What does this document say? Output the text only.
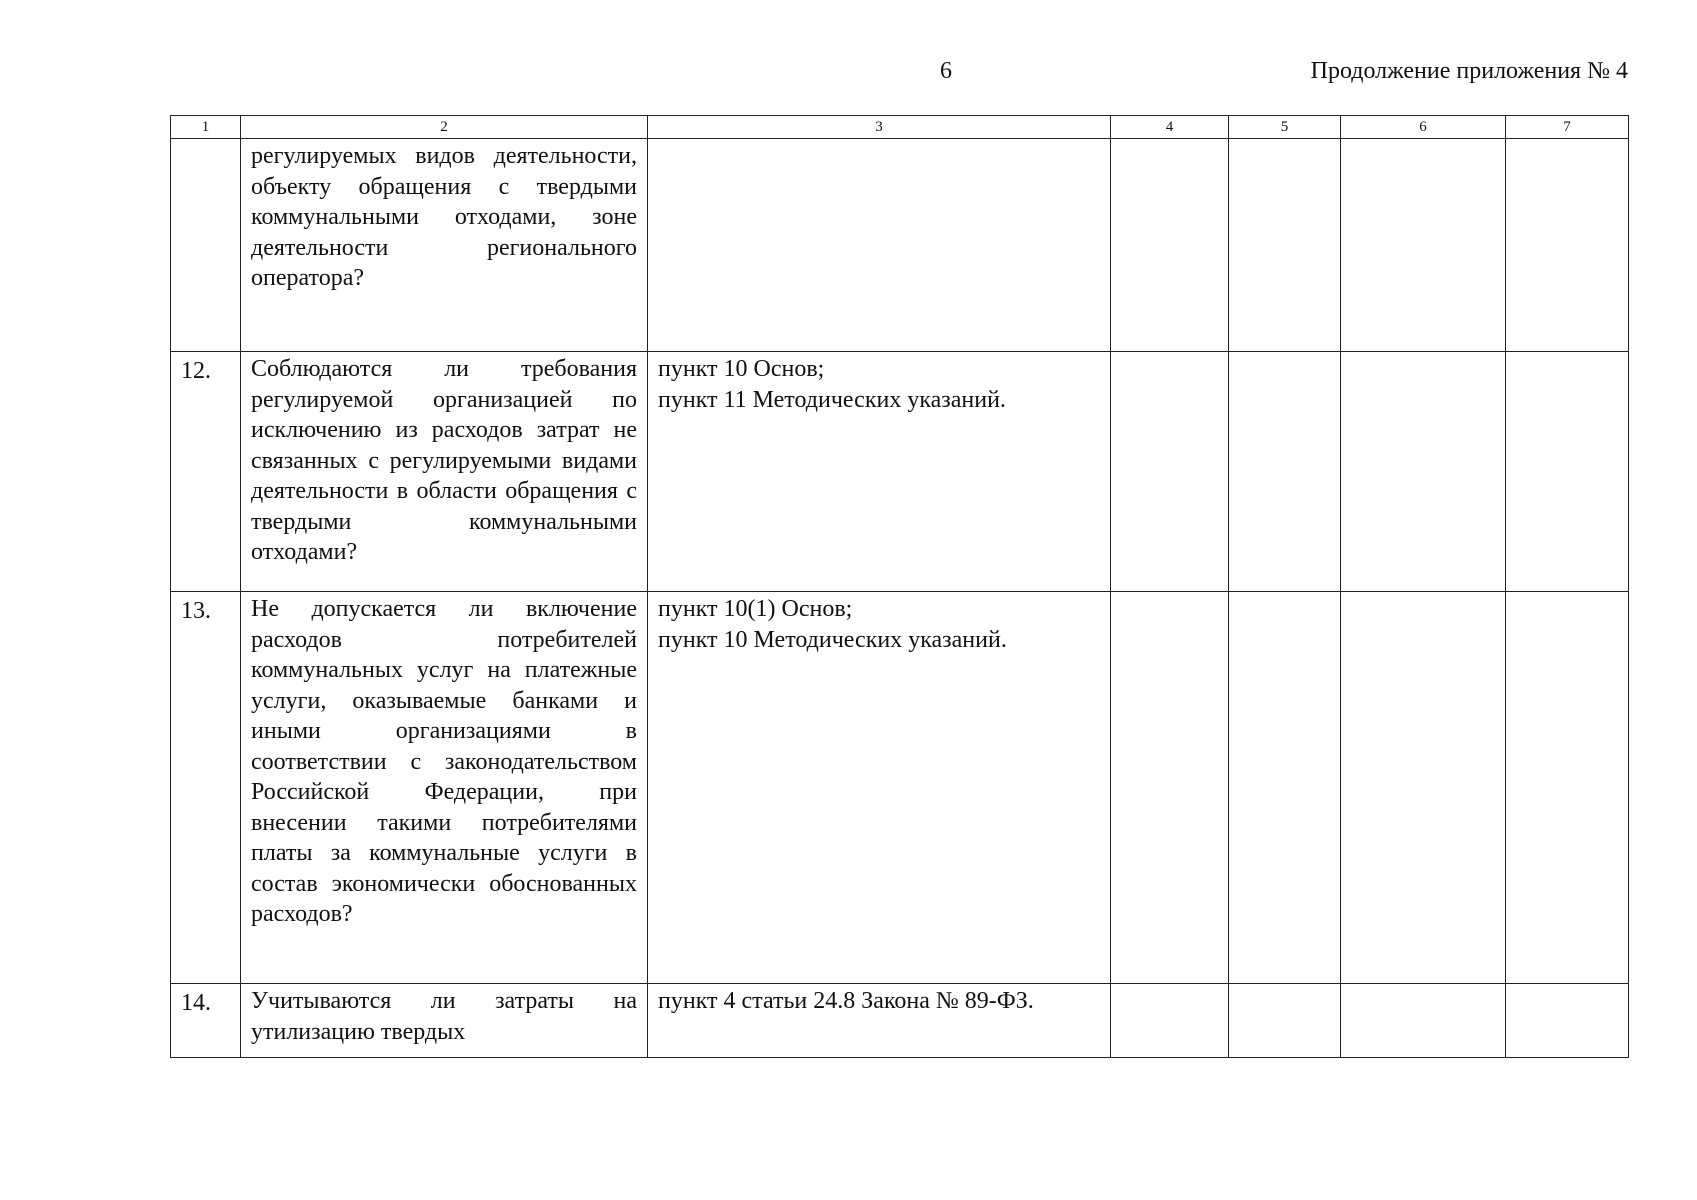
6	Продолжение приложения № 4
1	2	3	4	5	6	7
	регулируемых видов деятельности, объекту обращения с твердыми коммунальными отходами, зоне деятельности регионального оператора?					
12.	Соблюдаются ли требования регулируемой организацией по исключению из расходов затрат не связанных с регулируемыми видами деятельности в области обращения с твердыми коммунальными отходами?	пункт 10 Основ;
пункт 11 Методических указаний.				

13.	Не допускается ли включение расходов потребителей коммунальных услуг на платежные услуги, оказываемые банками и иными организациями в соответствии с законодательством Российской Федерации, при внесении такими потребителями платы за коммунальные услуги в состав экономически обоснованных расходов?	пункт 10(1) Основ;
пункт 10 Методических указаний.				

14.	Учитываются ли затраты на утилизацию твердых	пункт 4 статьи 24.8 Закона № 89-ФЗ.				
